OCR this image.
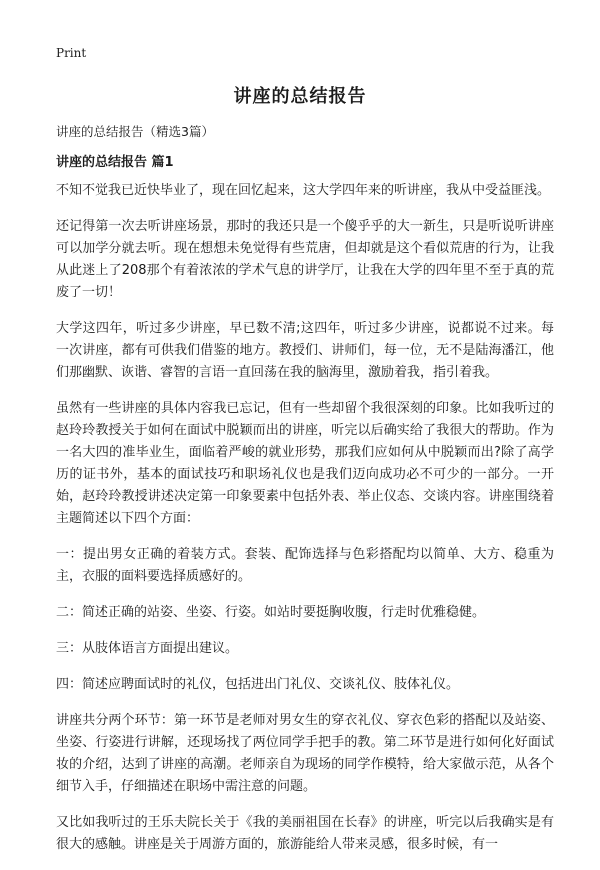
Print
讲座的总结报告
讲座的总结报告（精选3篇）
讲座的总结报告 篇1

不知不觉我已近快毕业了，现在回忆起来，这大学四年来的听讲座，我从中受益匪浅。

还记得第一次去听讲座场景，那时的我还只是一个傻乎乎的大一新生，只是听说听讲座可以加学分就去听。现在想想未免觉得有些荒唐，但却就是这个看似荒唐的行为，让我从此迷上了208那个有着浓浓的学术气息的讲学厅，让我在大学的四年里不至于真的荒废了一切！

大学这四年，听过多少讲座，早已数不清;这四年，听过多少讲座，说都说不过来。每一次讲座，都有可供我们借鉴的地方。教授们、讲师们，每一位，无不是陆海潘江，他们那幽默、诙谐、睿智的言语一直回荡在我的脑海里，激励着我，指引着我。

虽然有一些讲座的具体内容我已忘记，但有一些却留个我很深刻的印象。比如我听过的赵玲玲教授关于如何在面试中脱颖而出的讲座，听完以后确实给了我很大的帮助。作为一名大四的准毕业生，面临着严峻的就业形势，那我们应如何从中脱颖而出?除了高学历的证书外，基本的面试技巧和职场礼仪也是我们迈向成功必不可少的一部分。一开始，赵玲玲教授讲述决定第一印象要素中包括外表、举止仪态、交谈内容。讲座围绕着主题简述以下四个方面：

一：提出男女正确的着装方式。套装、配饰选择与色彩搭配均以简单、大方、稳重为主，衣服的面料要选择质感好的。

二：简述正确的站姿、坐姿、行姿。如站时要挺胸收腹，行走时优雅稳健。

三：从肢体语言方面提出建议。

四：简述应聘面试时的礼仪，包括进出门礼仪、交谈礼仪、肢体礼仪。

讲座共分两个环节：第一环节是老师对男女生的穿衣礼仪、穿衣色彩的搭配以及站姿、坐姿、行姿进行讲解，还现场找了两位同学手把手的教。第二环节是进行如何化好面试妆的介绍，达到了讲座的高潮。老师亲自为现场的同学作模特，给大家做示范，从各个细节入手，仔细描述在职场中需注意的问题。

又比如我听过的王乐夫院长关于《我的美丽祖国在长春》的讲座，听完以后我确实是有很大的感触。讲座是关于周游方面的，旅游能给人带来灵感，很多时候，有一
